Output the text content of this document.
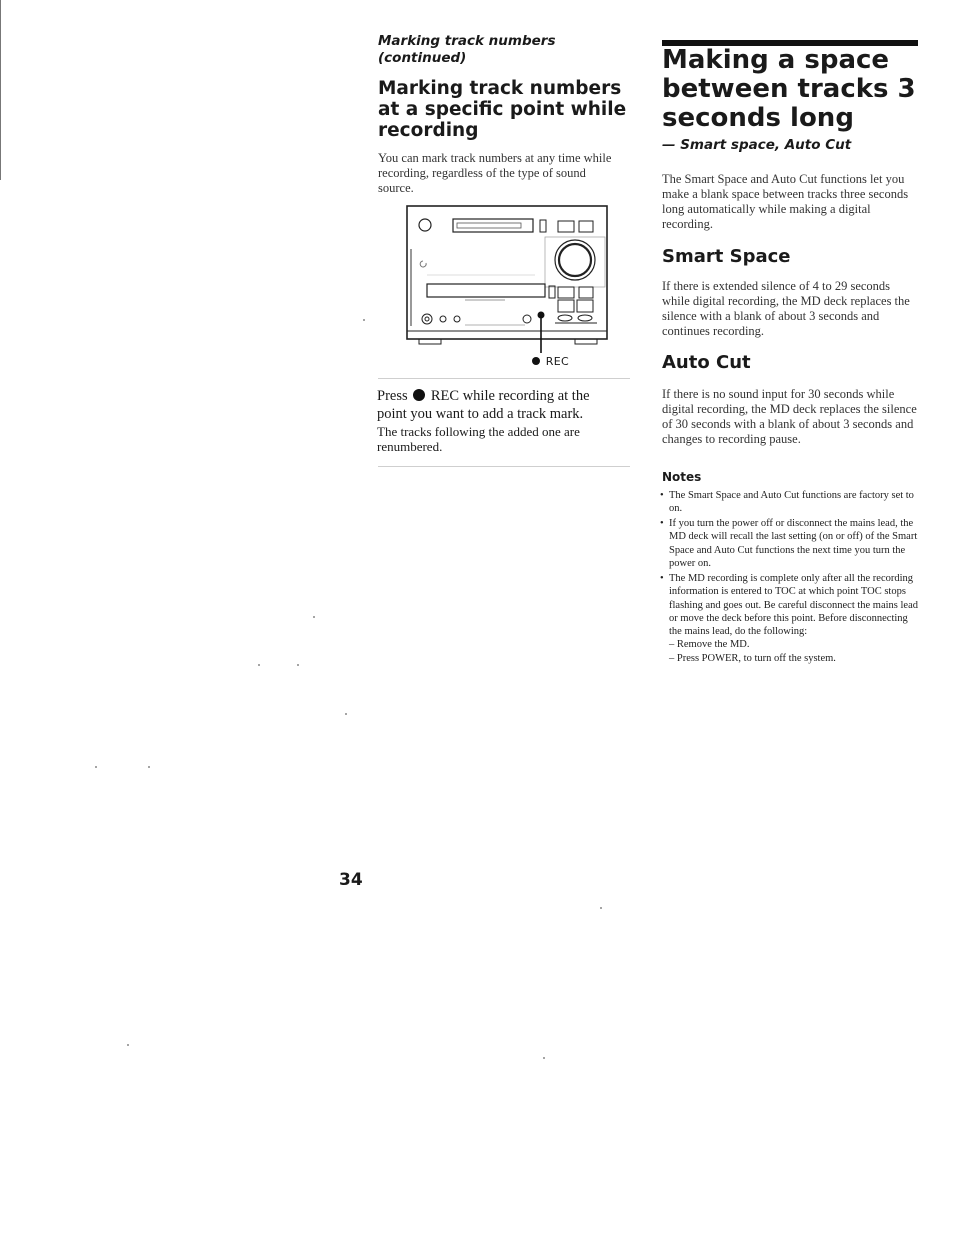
Marking track numbers (continued)
Marking track numbers at a specific point while recording
You can mark track numbers at any time while recording, regardless of the type of sound source.
REC
Press REC while recording at the point you want to add a track mark.
The tracks following the added one are renumbered.
Making a space between tracks 3 seconds long
— Smart space, Auto Cut
The Smart Space and Auto Cut functions let you make a blank space between tracks three seconds long automatically while making a digital recording.
Smart Space
If there is extended silence of 4 to 29 seconds while digital recording, the MD deck replaces the silence with a blank of about 3 seconds and continues recording.
Auto Cut
If there is no sound input for 30 seconds while digital recording, the MD deck replaces the silence of 30 seconds with a blank of about 3 seconds and changes to recording pause.
Notes
• The Smart Space and Auto Cut functions are factory set to on.
• If you turn the power off or disconnect the mains lead, the MD deck will recall the last setting (on or off) of the Smart Space and Auto Cut functions the next time you turn the power on.
• The MD recording is complete only after all the recording information is entered to TOC at which point TOC stops flashing and goes out. Be careful disconnect the mains lead or move the deck before this point. Before disconnecting the mains lead, do the following:
– Remove the MD.
– Press POWER, to turn off the system.
34
